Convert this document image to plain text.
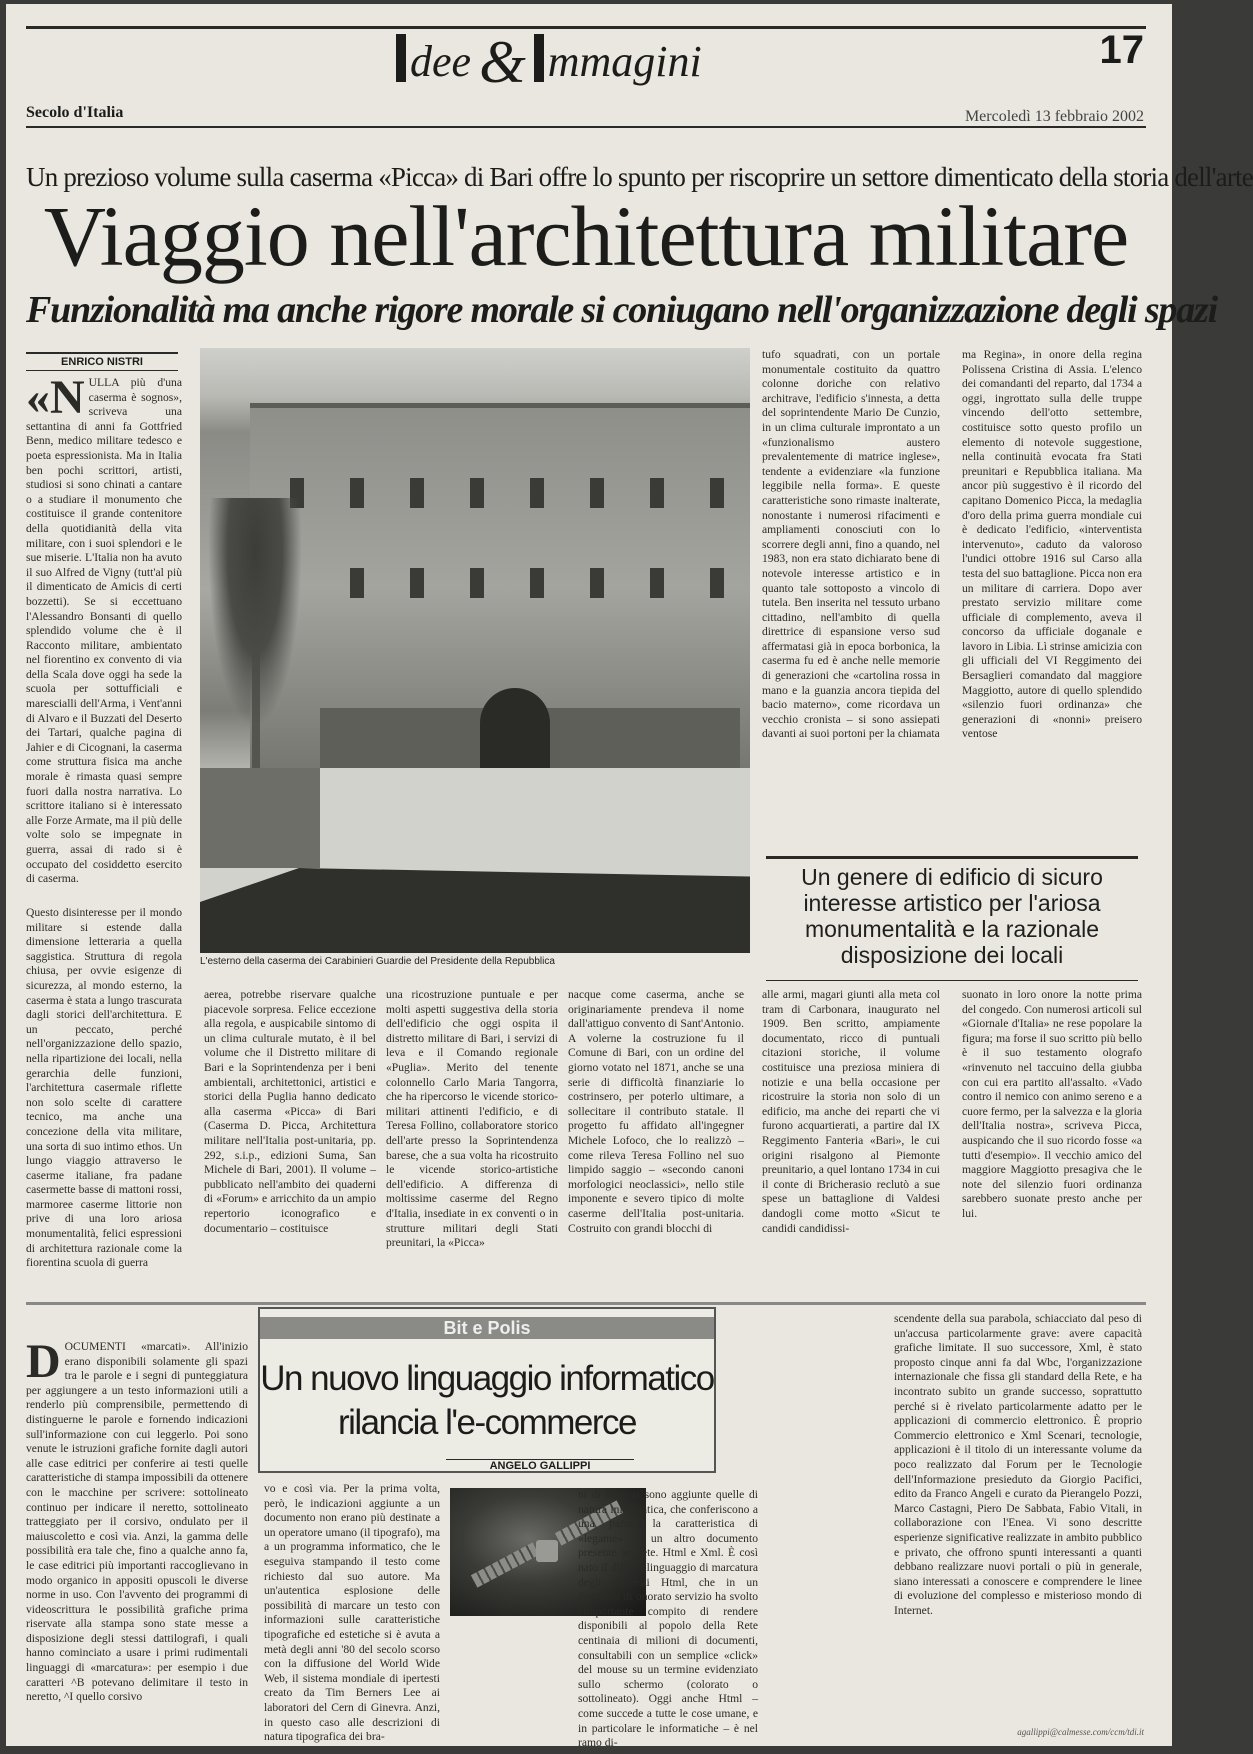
dee & mmagini	17
Secolo d'Italia	Mercoledì 13 febbraio 2002
Un prezioso volume sulla caserma «Picca» di Bari offre lo spunto per riscoprire un settore dimenticato della storia dell'arte
Viaggio nell'architettura militare
Funzionalità ma anche rigore morale si coniugano nell'organizzazione degli spazi
ENRICO NISTRI
«N ULLA più d'una caserma è sognos», scriveva una settantina di anni fa Gottfried Benn, medico militare tedesco e poeta espressionista. Ma in Italia ben pochi scrittori, artisti, studiosi si sono chinati a cantare o a studiare il monumento che costituisce il grande contenitore della quotidianità della vita militare, con i suoi splendori e le sue miserie. L'Italia non ha avuto il suo Alfred de Vigny (tutt'al più il dimenticato de Amicis di certi bozzetti). Se si eccettuano l'Alessandro Bonsanti di quello splendido volume che è il Racconto militare, ambientato nel fiorentino ex convento di via della Scala dove oggi ha sede la scuola per sottufficiali e marescialli dell'Arma, i Vent'anni di Alvaro e il Buzzati del Deserto dei Tartari, qualche pagina di Jahier e di Cicognani, la caserma come struttura fisica ma anche morale è rimasta quasi sempre fuori dalla nostra narrativa. Lo scrittore italiano si è interessato alle Forze Armate, ma il più delle volte solo se impegnate in guerra, assai di rado si è occupato del cosiddetto esercito di caserma.

Questo disinteresse per il mondo militare si estende dalla dimensione letteraria a quella saggistica. Struttura di regola chiusa, per ovvie esigenze di sicurezza, al mondo esterno, la caserma è stata a lungo trascurata dagli storici dell'architettura. E un peccato, perché nell'organizzazione dello spazio, nella ripartizione dei locali, nella gerarchia delle funzioni, l'architettura casermale riflette non solo scelte di carattere tecnico, ma anche una concezione della vita militare, una sorta di suo intimo ethos. Un lungo viaggio attraverso le caserme italiane, fra padane casermette basse di mattoni rossi, marmoree caserme littorie non prive di una loro ariosa monumentalità, felici espressioni di architettura razionale come la fiorentina scuola di guerra

L'esterno della caserma dei Carabinieri Guardie del Presidente della Repubblica

aerea, potrebbe riservare qualche piacevole sorpresa. Felice eccezione alla regola, e auspicabile sintomo di un clima culturale mutato, è il bel volume che il Distretto militare di Bari e la Soprintendenza per i beni ambientali, architettonici, artistici e storici della Puglia hanno dedicato alla caserma «Picca» di Bari (Caserma D. Picca, Architettura militare nell'Italia post-unitaria, pp. 292, s.i.p., edizioni Suma, San Michele di Bari, 2001). Il volume – pubblicato nell'ambito dei quaderni di «Forum» e arricchito da un ampio repertorio iconografico e documentario – costituisce

una ricostruzione puntuale e per molti aspetti suggestiva della storia dell'edificio che oggi ospita il distretto militare di Bari, i servizi di leva e il Comando regionale «Puglia». Merito del tenente colonnello Carlo Maria Tangorra, che ha ripercorso le vicende storico-militari attinenti l'edificio, e di Teresa Follino, collaboratore storico dell'arte presso la Soprintendenza barese, che a sua volta ha ricostruito le vicende storico-artistiche dell'edificio. A differenza di moltissime caserme del Regno d'Italia, insediate in ex conventi o in strutture militari degli Stati preunitari, la «Picca»

nacque come caserma, anche se originariamente prendeva il nome dall'attiguo convento di Sant'Antonio. A volerne la costruzione fu il Comune di Bari, con un ordine del giorno votato nel 1871, anche se una serie di difficoltà finanziarie lo costrinsero, per poterlo ultimare, a sollecitare il contributo statale. Il progetto fu affidato all'ingegner Michele Lofoco, che lo realizzò – come rileva Teresa Follino nel suo limpido saggio – «secondo canoni morfologici neoclassici», nello stile imponente e severo tipico di molte caserme dell'Italia post-unitaria. Costruito con grandi blocchi di

tufo squadrati, con un portale monumentale costituito da quattro colonne doriche con relativo architrave, l'edificio s'innesta, a detta del soprintendente Mario De Cunzio, in un clima culturale improntato a un «funzionalismo austero prevalentemente di matrice inglese», tendente a evidenziare «la funzione leggibile nella forma». E queste caratteristiche sono rimaste inalterate, nonostante i numerosi rifacimenti e ampliamenti conosciuti con lo scorrere degli anni, fino a quando, nel 1983, non era stato dichiarato bene di notevole interesse artistico e in quanto tale sottoposto a vincolo di tutela. Ben inserita nel tessuto urbano cittadino, nell'ambito di quella direttrice di espansione verso sud affermatasi già in epoca borbonica, la caserma fu ed è anche nelle memorie di generazioni che «cartolina rossa in mano e la guanzia ancora tiepida del bacio materno», come ricordava un vecchio cronista – si sono assiepati davanti ai suoi portoni per la chiamata

ma Regina», in onore della regina Polissena Cristina di Assia. L'elenco dei comandanti del reparto, dal 1734 a oggi, ingrottato sulla delle truppe vincendo dell'otto settembre, costituisce sotto questo profilo un elemento di notevole suggestione, nella continuità evocata fra Stati preunitari e Repubblica italiana. Ma ancor più suggestivo è il ricordo del capitano Domenico Picca, la medaglia d'oro della prima guerra mondiale cui è dedicato l'edificio, «interventista intervenuto», caduto da valoroso l'undici ottobre 1916 sul Carso alla testa del suo battaglione. Picca non era un militare di carriera. Dopo aver prestato servizio militare come ufficiale di complemento, aveva il concorso da ufficiale doganale e lavoro in Libia. Lì strinse amicizia con gli ufficiali del VI Reggimento dei Bersaglieri comandato dal maggiore Maggiotto, autore di quello splendido «silenzio fuori ordinanza» che generazioni di «nonni» preisero ventose

Un genere di edificio di sicuro interesse artistico per l'ariosa monumentalità e la razionale disposizione dei locali

alle armi, magari giunti alla meta col tram di Carbonara, inaugurato nel 1909. Ben scritto, ampiamente documentato, ricco di puntuali citazioni storiche, il volume costituisce una preziosa miniera di notizie e una bella occasione per ricostruire la storia non solo di un edificio, ma anche dei reparti che vi furono acquartierati, a partire dal IX Reggimento Fanteria «Bari», le cui origini risalgono al Piemonte preunitario, a quel lontano 1734 in cui il conte di Bricherasio reclutò a sue spese un battaglione di Valdesi dandogli come motto «Sicut te candidi candidissi-

suonato in loro onore la notte prima del congedo. Con numerosi articoli sul «Giornale d'Italia» ne rese popolare la figura; ma forse il suo scritto più bello è il suo testamento olografo «rinvenuto nel taccuino della giubba con cui era partito all'assalto. «Vado contro il nemico con animo sereno e a cuore fermo, per la salvezza e la gloria dell'Italia nostra», scriveva Picca, auspicando che il suo ricordo fosse «a tutti d'esempio». Il vecchio amico del maggiore Maggiotto presagiva che le note del silenzio fuori ordinanza sarebbero suonate presto anche per lui.

Bit e Polis
Un nuovo linguaggio informatico
rilancia l'e-commerce
ANGELO GALLIPPI
D OCUMENTI «marcati». All'inizio erano disponibili solamente gli spazi tra le parole e i segni di punteggiatura per aggiungere a un testo informazioni utili a renderlo più comprensibile, permettendo di distinguerne le parole e fornendo indicazioni sull'informazione con cui leggerlo. Poi sono venute le istruzioni grafiche fornite dagli autori alle case editrici per conferire ai testi quelle caratteristiche di stampa impossibili da ottenere con le macchine per scrivere: sottolineato continuo per indicare il neretto, sottolineato tratteggiato per il corsivo, ondulato per il maiuscoletto e così via. Anzi, la gamma delle possibilità era tale che, fino a qualche anno fa, le case editrici più importanti raccoglievano in modo organico in appositi opuscoli le diverse norme in uso. Con l'avvento dei programmi di videoscrittura le possibilità grafiche prima riservate alla stampa sono state messe a disposizione degli stessi dattilografi, i quali hanno cominciato a usare i primi rudimentali linguaggi di «marcatura»: per esempio i due caratteri ^B potevano delimitare il testo in neretto, ^I quello corsivo

vo e così via. Per la prima volta, però, le indicazioni aggiunte a un documento non erano più destinate a un operatore umano (il tipografo), ma a un programma informatico, che le eseguiva stampando il testo come richiesto dal suo autore. Ma un'autentica esplosione delle possibilità di marcare un testo con informazioni sulle caratteristiche tipografiche ed estetiche si è avuta a metà degli anni '80 del secolo scorso con la diffusione del World Wide Web, il sistema mondiale di ipertesti creato da Tim Berners Lee ai laboratori del Cern di Ginevra. Anzi, in questo caso alle descrizioni di natura tipografica dei bra-

ni di testo si sono aggiunte quelle di natura informatica, che conferiscono a una parola la caratteristica di «legame» a un altro documento presente in Rete. Html e Xml. È così nato il diffuso linguaggio di marcatura degli ipertesti Html, che in un decennio di onorato servizio ha svolto l'importante compito di rendere disponibili al popolo della Rete centinaia di milioni di documenti, consultabili con un semplice «click» del mouse su un termine evidenziato sullo schermo (colorato o sottolineato). Oggi anche Html – come succede a tutte le cose umane, e in particolare le informatiche – è nel ramo di-

scendente della sua parabola, schiacciato dal peso di un'accusa particolarmente grave: avere capacità grafiche limitate. Il suo successore, Xml, è stato proposto cinque anni fa dal Wbc, l'organizzazione internazionale che fissa gli standard della Rete, e ha incontrato subito un grande successo, soprattutto perché si è rivelato particolarmente adatto per le applicazioni di commercio elettronico. È proprio Commercio elettronico e Xml Scenari, tecnologie, applicazioni è il titolo di un interessante volume da poco realizzato dal Forum per le Tecnologie dell'Informazione presieduto da Giorgio Pacifici, edito da Franco Angeli e curato da Pierangelo Pozzi, Marco Castagni, Piero De Sabbata, Fabio Vitali, in collaborazione con l'Enea. Vi sono descritte esperienze significative realizzate in ambito pubblico e privato, che offrono spunti interessanti a quanti debbano realizzare nuovi portali o più in generale, siano interessati a conoscere e comprendere le linee di evoluzione del complesso e misterioso mondo di Internet.

agallippi@calmesse.com/ccm/tdi.it
